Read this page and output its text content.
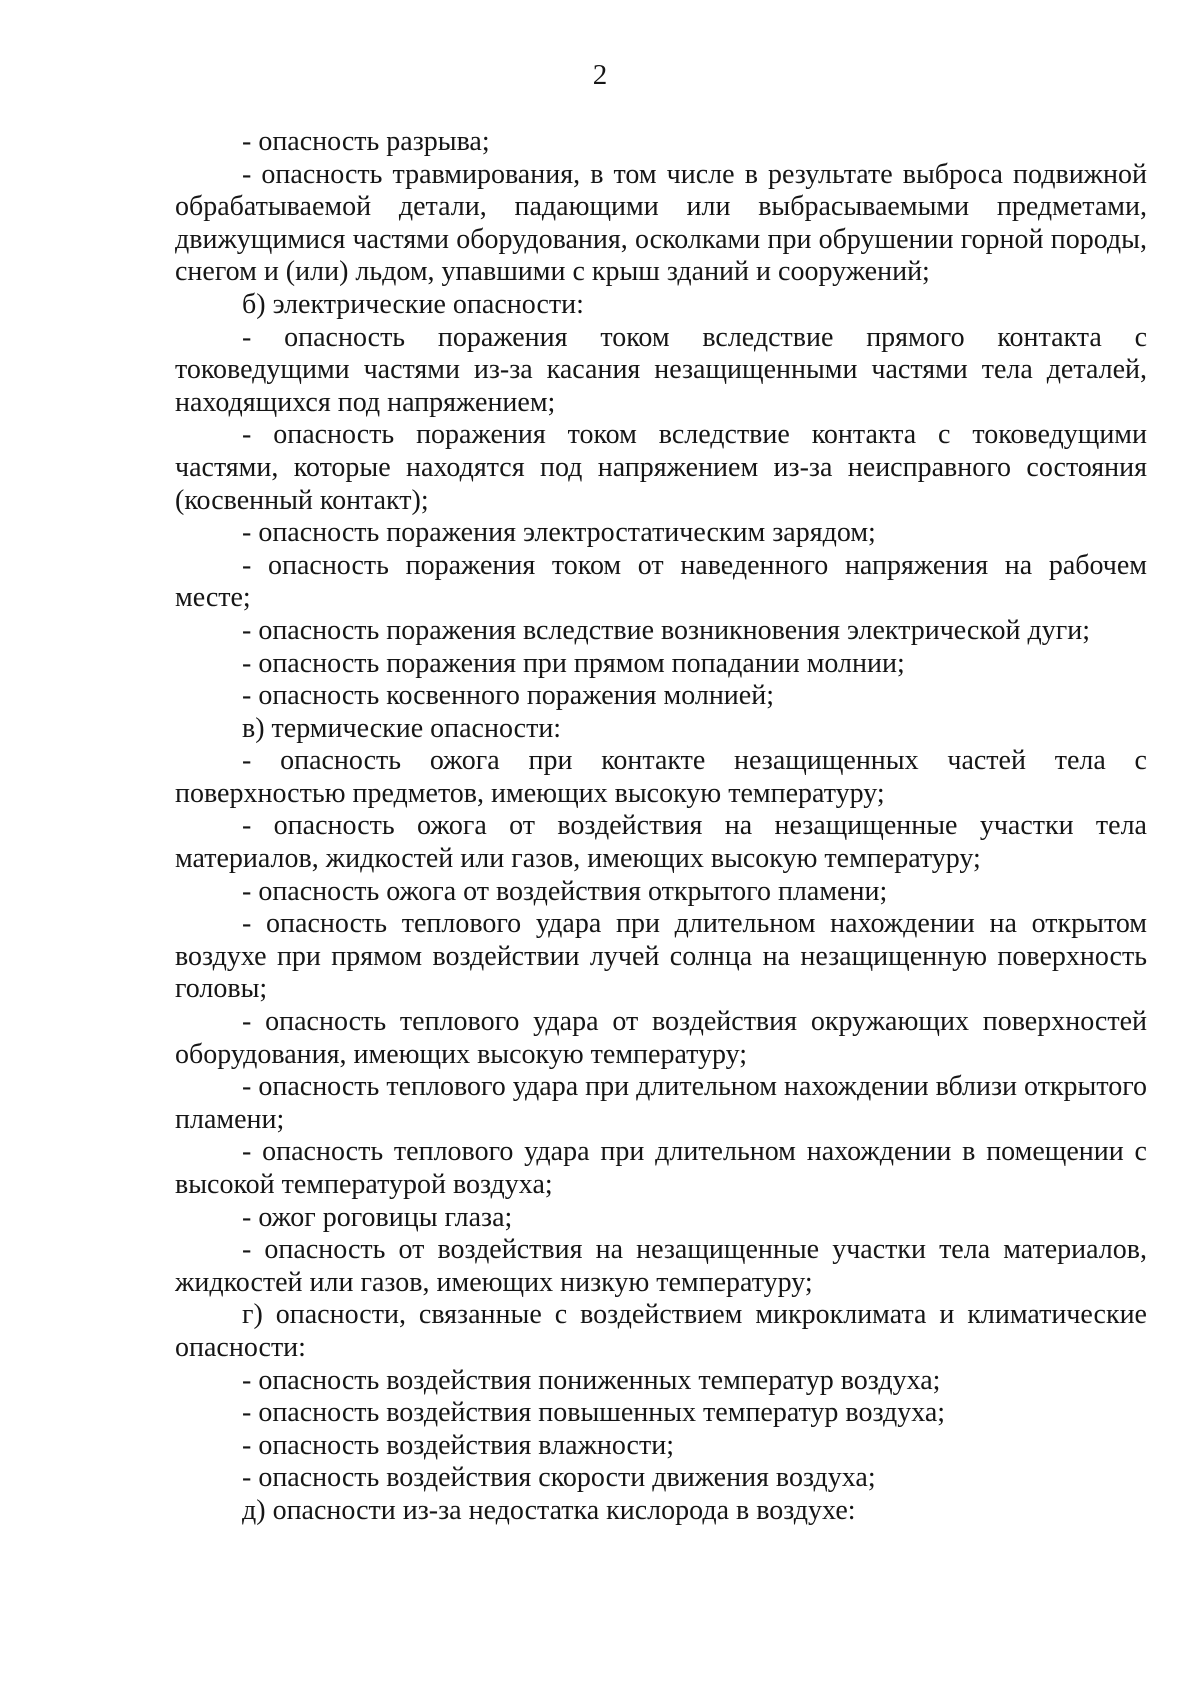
2

- опасность разрыва;

- опасность травмирования, в том числе в результате выброса подвижной обрабатываемой детали, падающими или выбрасываемыми предметами, движущимися частями оборудования, осколками при обрушении горной породы, снегом и (или) льдом, упавшими с крыш зданий и сооружений;

б) электрические опасности:

- опасность поражения током вследствие прямого контакта с токоведущими частями из-за касания незащищенными частями тела деталей, находящихся под напряжением;

- опасность поражения током вследствие контакта с токоведущими частями, которые находятся под напряжением из-за неисправного состояния (косвенный контакт);

- опасность поражения электростатическим зарядом;

- опасность поражения током от наведенного напряжения на рабочем месте;

- опасность поражения вследствие возникновения электрической дуги;

- опасность поражения при прямом попадании молнии;

- опасность косвенного поражения молнией;

в) термические опасности:

- опасность ожога при контакте незащищенных частей тела с поверхностью предметов, имеющих высокую температуру;

- опасность ожога от воздействия на незащищенные участки тела материалов, жидкостей или газов, имеющих высокую температуру;

- опасность ожога от воздействия открытого пламени;

- опасность теплового удара при длительном нахождении на открытом воздухе при прямом воздействии лучей солнца на незащищенную поверхность головы;

- опасность теплового удара от воздействия окружающих поверхностей оборудования, имеющих высокую температуру;

- опасность теплового удара при длительном нахождении вблизи открытого пламени;

- опасность теплового удара при длительном нахождении в помещении с высокой температурой воздуха;

- ожог роговицы глаза;

- опасность от воздействия на незащищенные участки тела материалов, жидкостей или газов, имеющих низкую температуру;

г) опасности, связанные с воздействием микроклимата и климатические опасности:

- опасность воздействия пониженных температур воздуха;

- опасность воздействия повышенных температур воздуха;

- опасность воздействия влажности;

- опасность воздействия скорости движения воздуха;

д) опасности из-за недостатка кислорода в воздухе:
